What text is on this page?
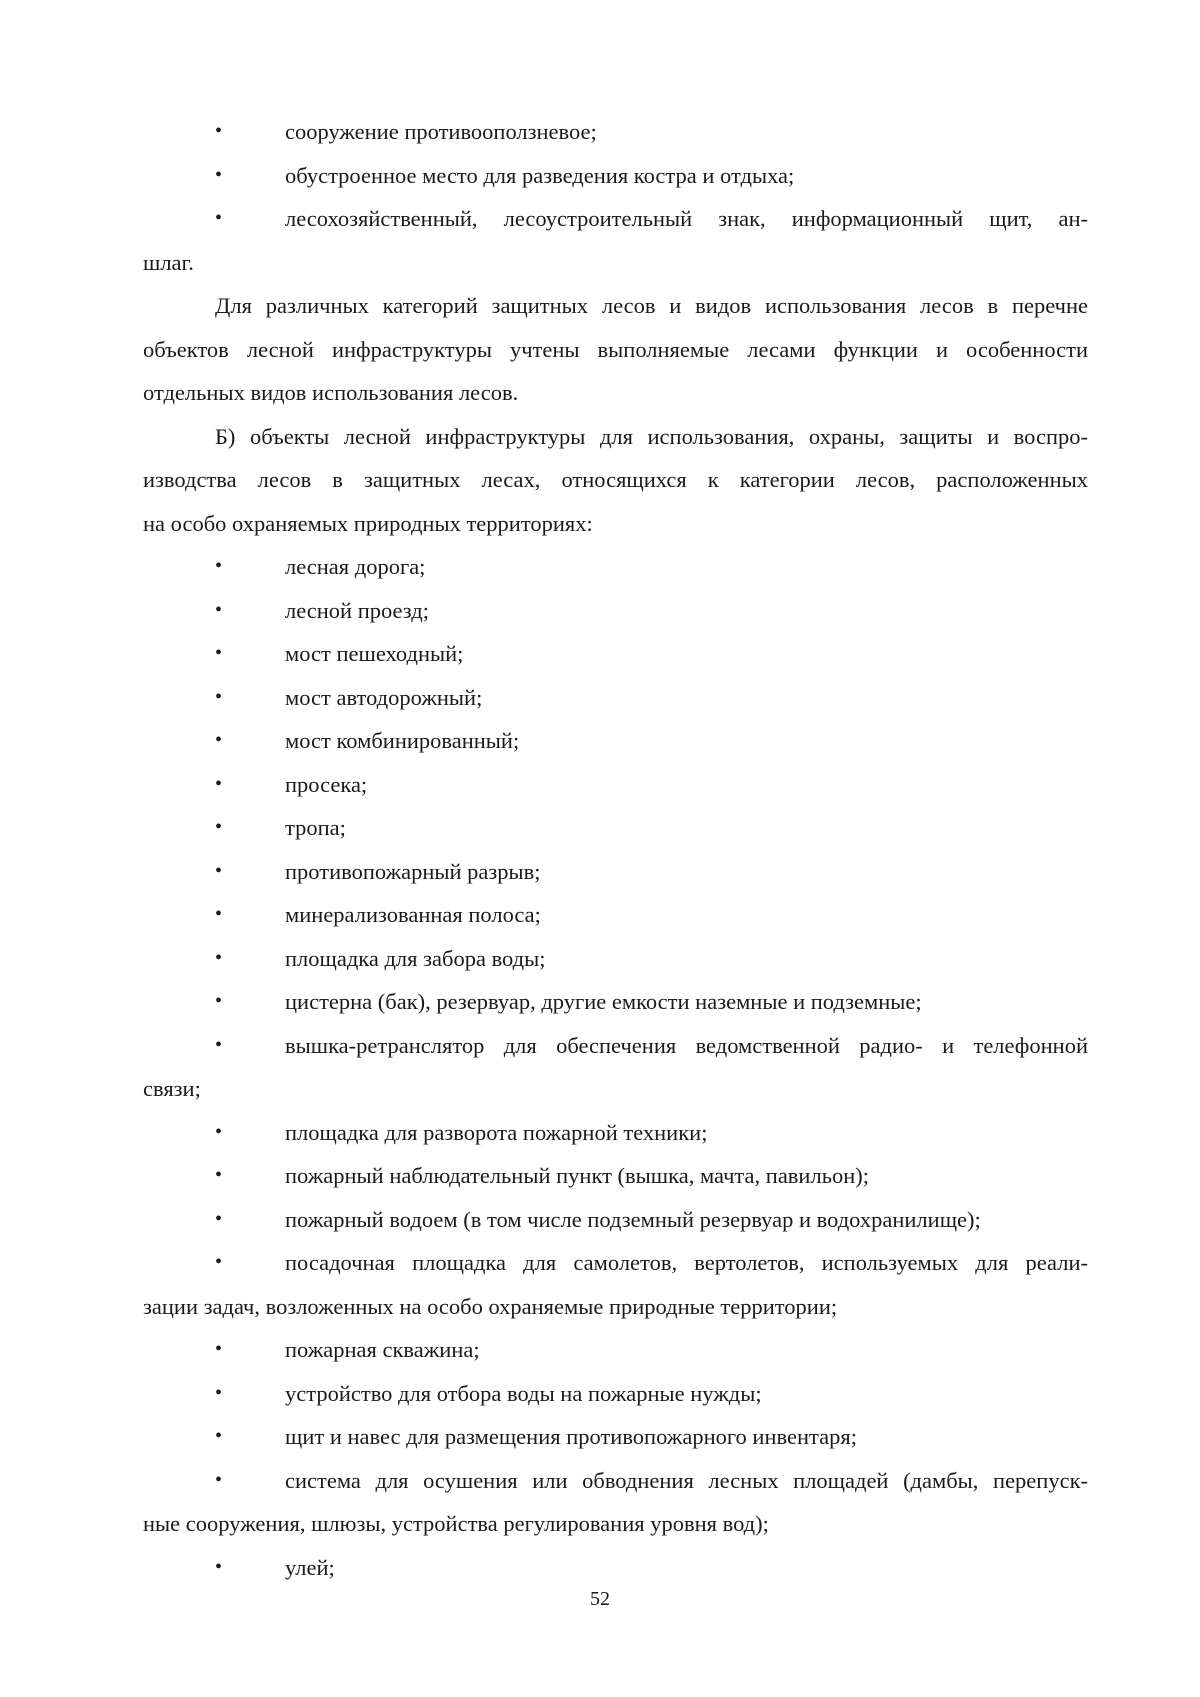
•	сооружение противооползневое;
•	обустроенное место для разведения костра и отдыха;
•	лесохозяйственный, лесоустроительный знак, информационный щит, ан-
шлаг.
Для различных категорий защитных лесов и видов использования лесов в перечне
объектов лесной инфраструктуры учтены выполняемые лесами функции и особенности
отдельных видов использования лесов.
Б) объекты лесной инфраструктуры для использования, охраны, защиты и воспро-
изводства лесов в защитных лесах, относящихся к категории лесов, расположенных
на особо охраняемых природных территориях:
•	лесная дорога;
•	лесной проезд;
•	мост пешеходный;
•	мост автодорожный;
•	мост комбинированный;
•	просека;
•	тропа;
•	противопожарный разрыв;
•	минерализованная полоса;
•	площадка для забора воды;
•	цистерна (бак), резервуар, другие емкости наземные и подземные;
•	вышка-ретранслятор для обеспечения ведомственной радио- и телефонной
связи;
•	площадка для разворота пожарной техники;
•	пожарный наблюдательный пункт (вышка, мачта, павильон);
•	пожарный водоем (в том числе подземный резервуар и водохранилище);
•	посадочная площадка для самолетов, вертолетов, используемых для реали-
зации задач, возложенных на особо охраняемые природные территории;
•	пожарная скважина;
•	устройство для отбора воды на пожарные нужды;
•	щит и навес для размещения противопожарного инвентаря;
•	система для осушения или обводнения лесных площадей (дамбы, перепуск-
ные сооружения, шлюзы, устройства регулирования уровня вод);
•	улей;
52
